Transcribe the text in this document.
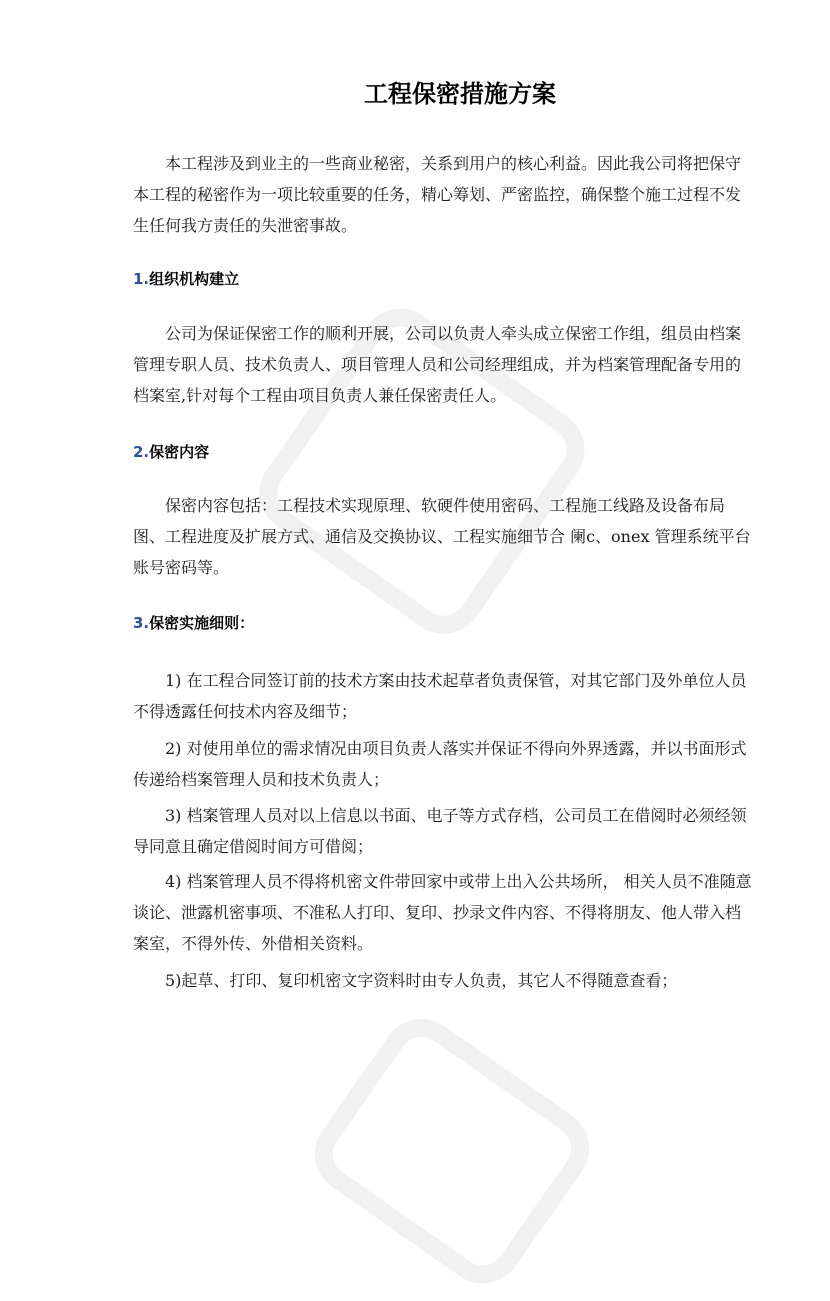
工程保密措施方案

本工程涉及到业主的一些商业秘密，关系到用户的核心利益。因此我公司将把保守本工程的秘密作为一项比较重要的任务，精心筹划、严密监控，确保整个施工过程不发生任何我方责任的失泄密事故。

1.组织机构建立

公司为保证保密工作的顺利开展，公司以负责人牵头成立保密工作组，组员由档案管理专职人员、技术负责人、项目管理人员和公司经理组成，并为档案管理配备专用的档案室,针对每个工程由项目负责人兼任保密责任人。

2.保密内容

保密内容包括：工程技术实现原理、软硬件使用密码、工程施工线路及设备布局图、工程进度及扩展方式、通信及交换协议、工程实施细节合 阑c、onex 管理系统平台账号密码等。

3.保密实施细则：

1) 在工程合同签订前的技术方案由技术起草者负责保管，对其它部门及外单位人员不得透露任何技术内容及细节；

2) 对使用单位的需求情况由项目负责人落实并保证不得向外界透露，并以书面形式传递给档案管理人员和技术负责人；

3) 档案管理人员对以上信息以书面、电子等方式存档，公司员工在借阅时必须经领导同意且确定借阅时间方可借阅；

4) 档案管理人员不得将机密文件带回家中或带上出入公共场所， 相关人员不准随意谈论、泄露机密事项、不准私人打印、复印、抄录文件内容、不得将朋友、他人带入档案室，不得外传、外借相关资料。

5)起草、打印、复印机密文字资料时由专人负责，其它人不得随意查看；
